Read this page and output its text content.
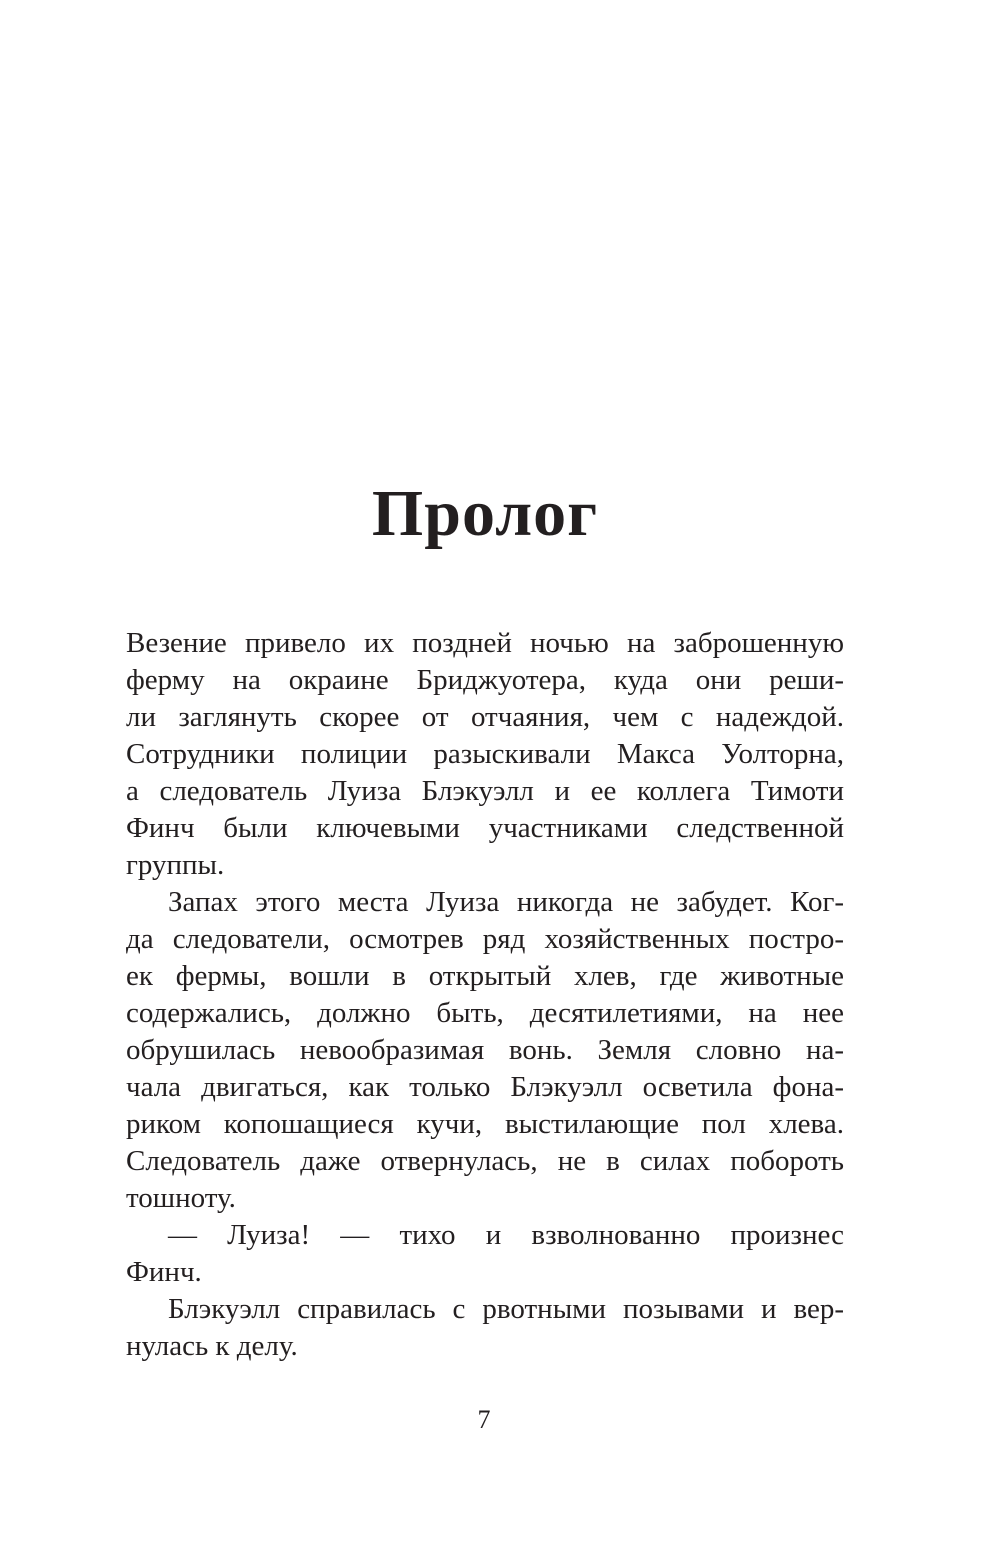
Пролог
Везение привело их поздней ночью на заброшенную
ферму на окраине Бриджуотера, куда они реши-
ли заглянуть скорее от отчаяния, чем с надеждой.
Сотрудники полиции разыскивали Макса Уолторна,
а следователь Луиза Блэкуэлл и ее коллега Тимоти
Финч были ключевыми участниками следственной
группы.
Запах этого места Луиза никогда не забудет. Ког-
да следователи, осмотрев ряд хозяйственных постро-
ек фермы, вошли в открытый хлев, где животные
содержались, должно быть, десятилетиями, на нее
обрушилась невообразимая вонь. Земля словно на-
чала двигаться, как только Блэкуэлл осветила фона-
риком копошащиеся кучи, выстилающие пол хлева.
Следователь даже отвернулась, не в силах побороть
тошноту.
— Луиза! — тихо и взволнованно произнес
Финч.
Блэкуэлл справилась с рвотными позывами и вер-
нулась к делу.
7
